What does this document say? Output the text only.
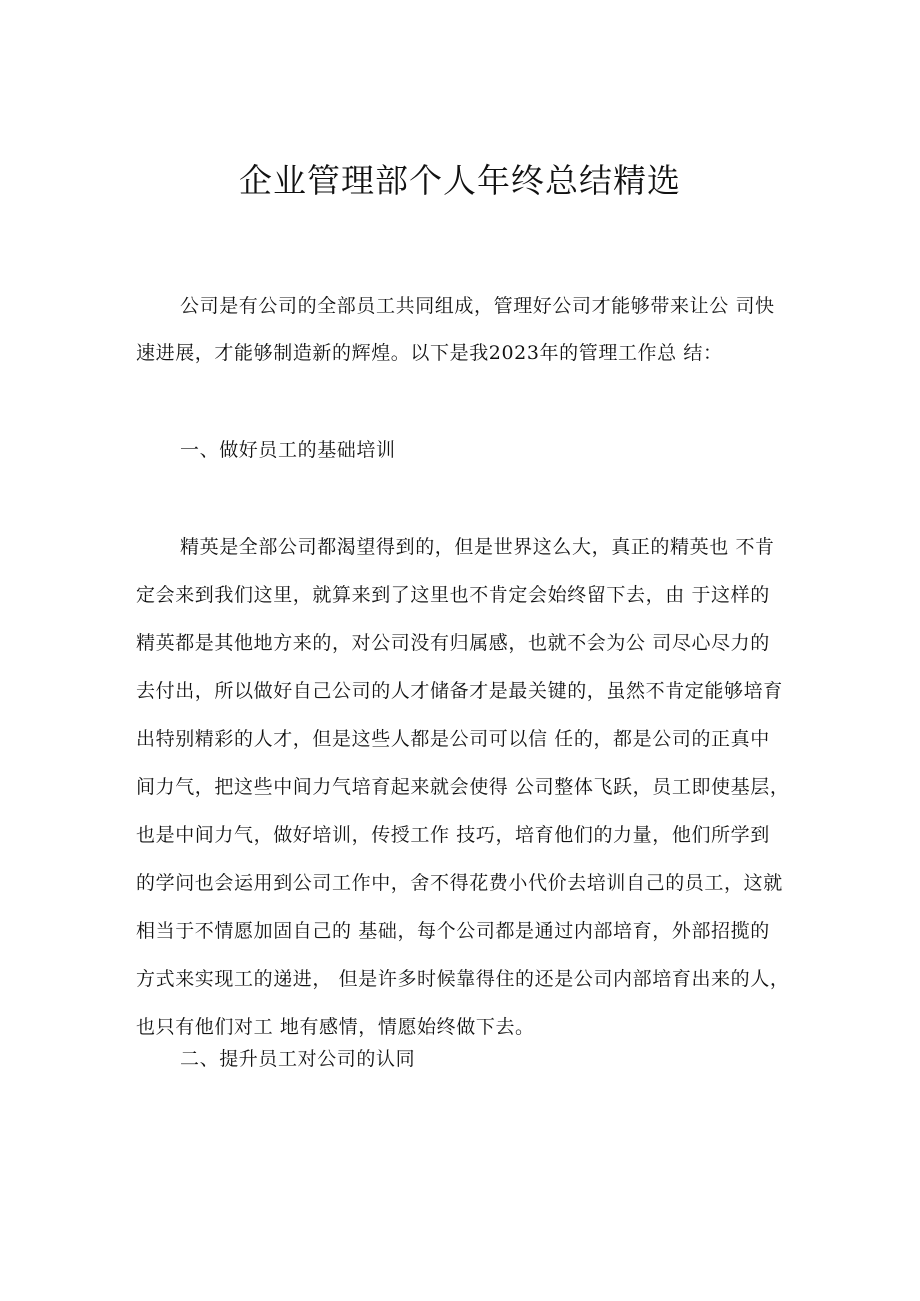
企业管理部个人年终总结精选
公司是有公司的全部员工共同组成，管理好公司才能够带来让公 司快
速进展，才能够制造新的辉煌。以下是我2023年的管理工作总 结：
一、做好员工的基础培训
精英是全部公司都渴望得到的，但是世界这么大，真正的精英也 不肯
定会来到我们这里，就算来到了这里也不肯定会始终留下去，由 于这样的
精英都是其他地方来的，对公司没有归属感，也就不会为公 司尽心尽力的
去付出，所以做好自己公司的人才储备才是最关键的，虽然不肯定能够培育
出特别精彩的人才，但是这些人都是公司可以信 任的，都是公司的正真中
间力气，把这些中间力气培育起来就会使得 公司整体飞跃，员工即使基层，
也是中间力气，做好培训，传授工作 技巧，培育他们的力量，他们所学到
的学问也会运用到公司工作中，舍不得花费小代价去培训自己的员工，这就
相当于不情愿加固自己的 基础，每个公司都是通过内部培育，外部招揽的
方式来实现工的递进， 但是许多时候靠得住的还是公司内部培育出来的人，
也只有他们对工 地有感情，情愿始终做下去。
二、提升员工对公司的认同
